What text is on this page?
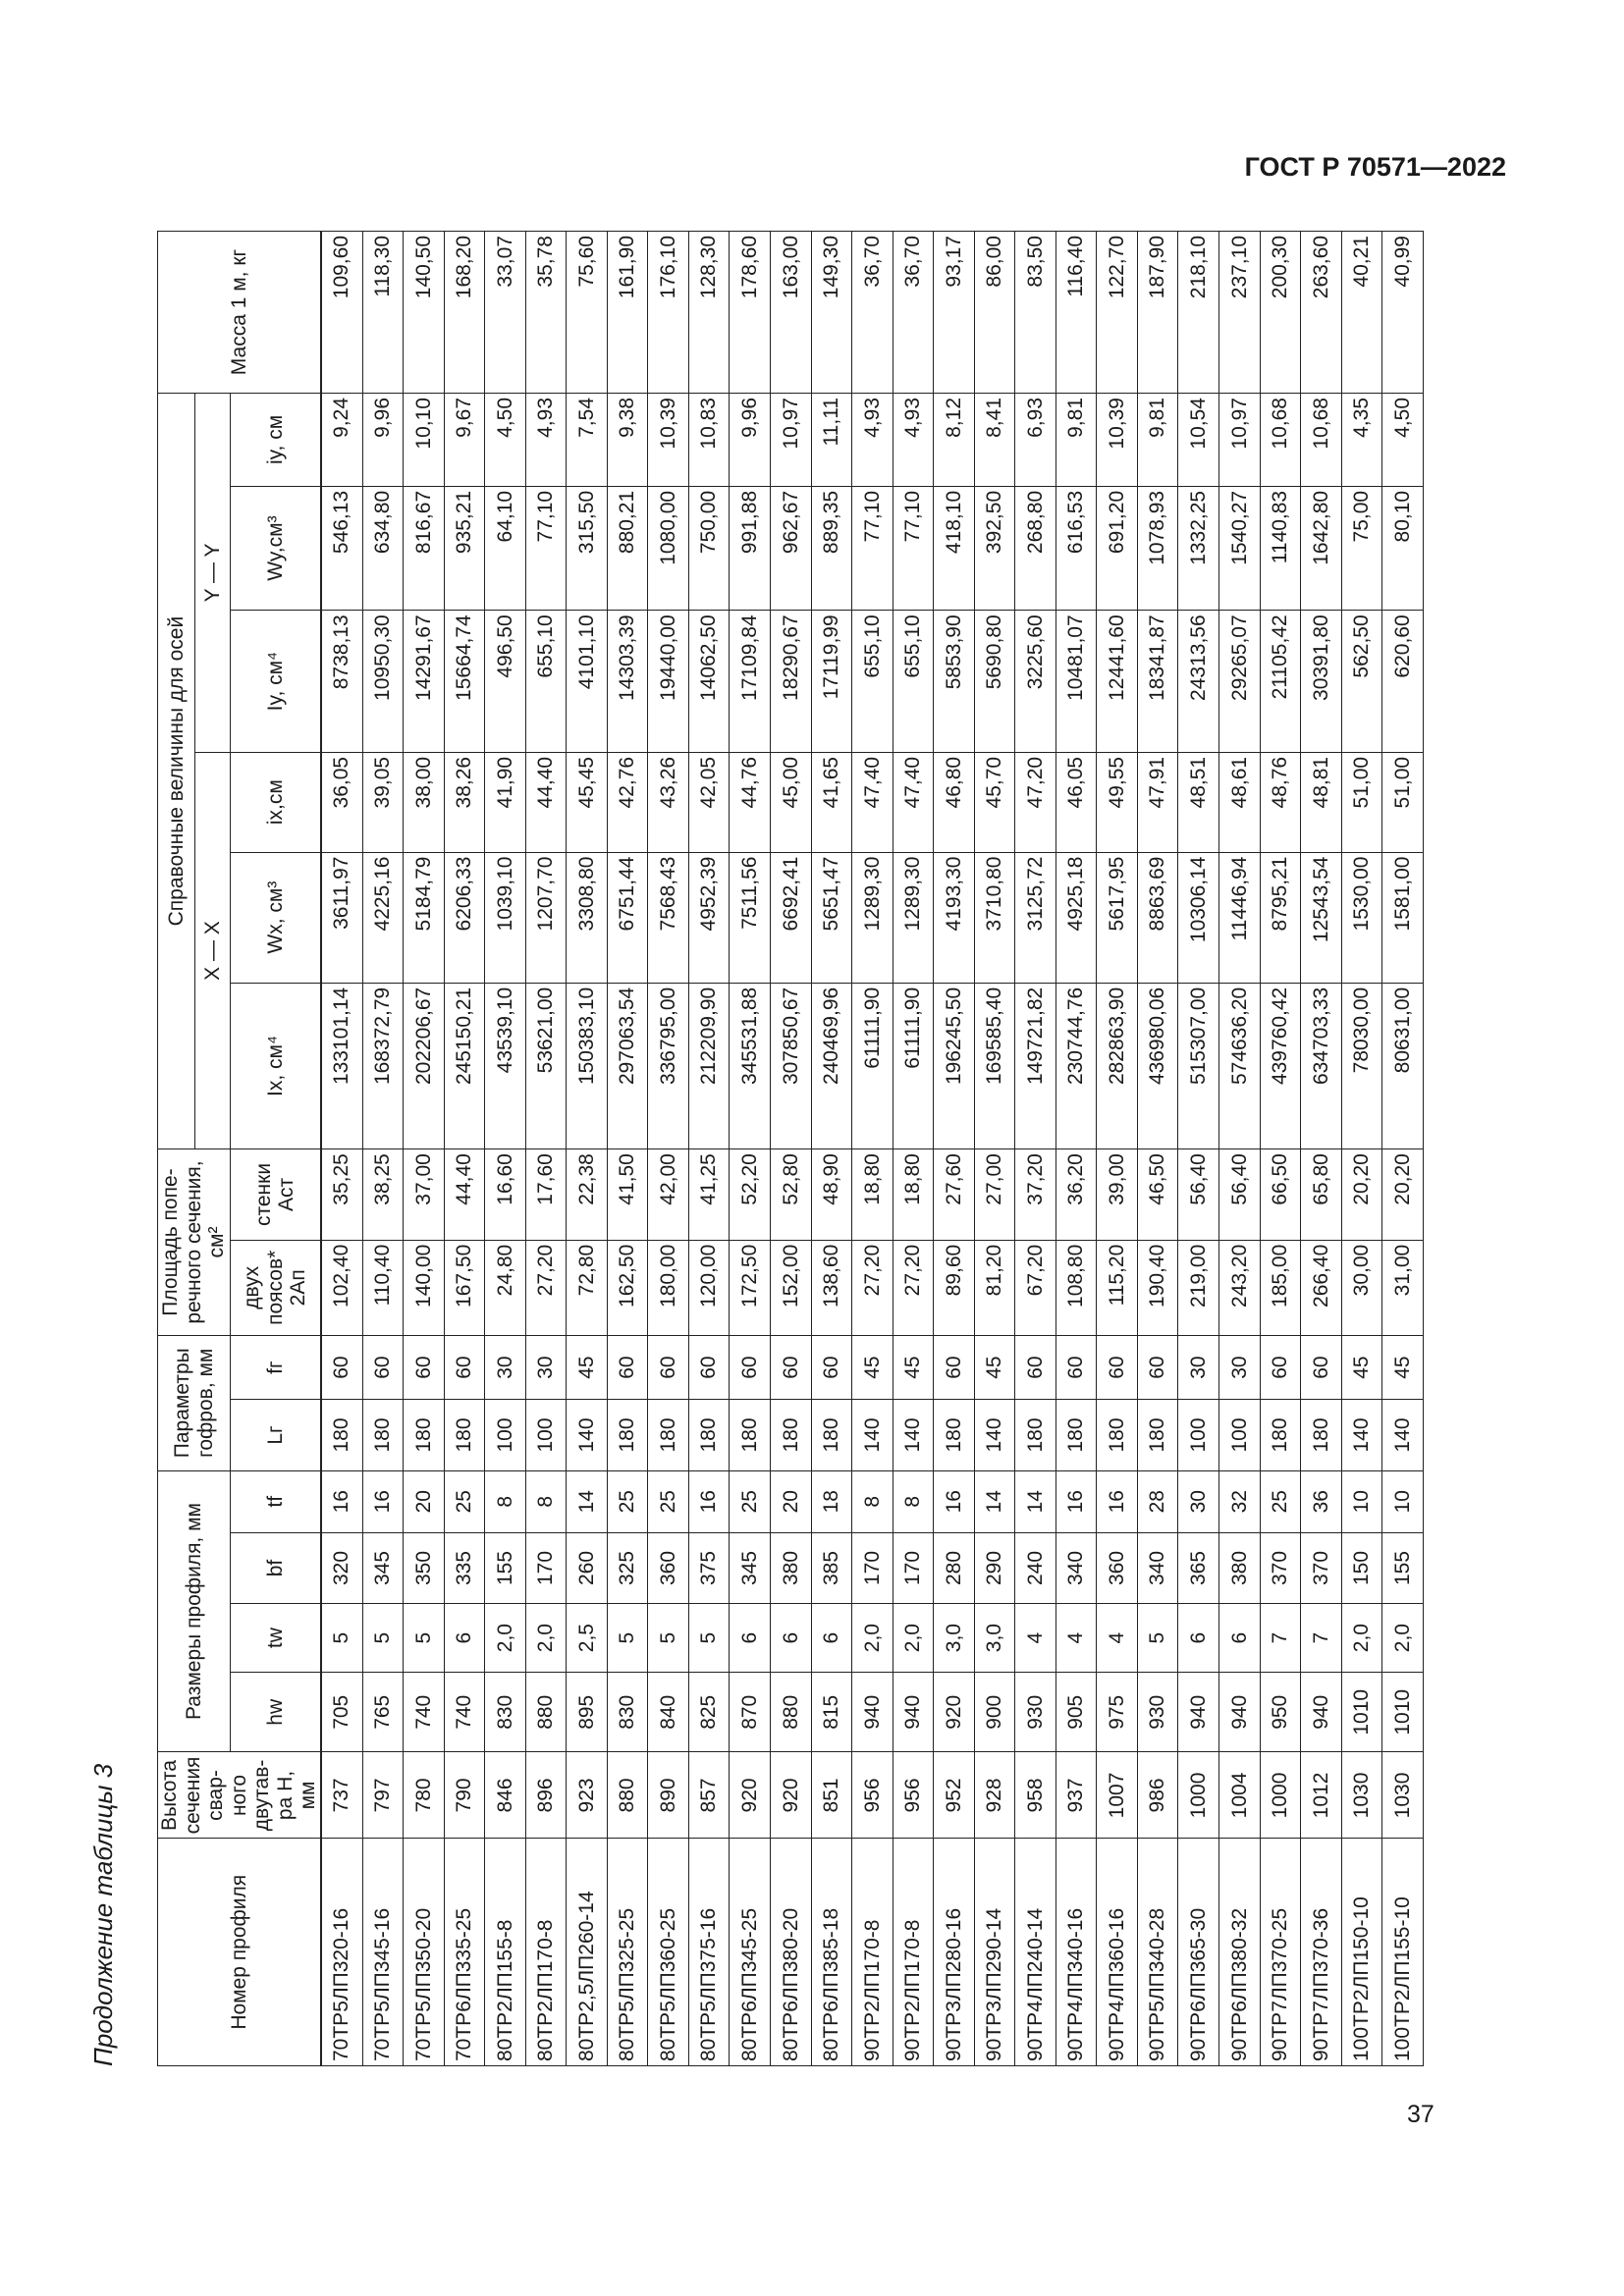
ГОСТ Р 70571—2022
Продолжение таблицы 3
37
Номер профиля	Высота сечения сварного двутавра H, мм	Размеры профиля, мм				Параметры гофров, мм		Площадь поперечного сечения, см²		Справочные величины для осей						Масса 1 м, кг
										X — X			Y — Y			
		hw	tw	bf	tf	Lг	fг	двух поясов* 2Aп	стенки Aст	Ix, см⁴	Wx, см³	ix,см	Iy, см⁴	Wy,см³	iy, см	
70ТР5ЛП320-16	737	705	5	320	16	180	60	102,40	35,25	133101,14	3611,97	36,05	8738,13	546,13	9,24	109,60
70ТР5ЛП345-16	797	765	5	345	16	180	60	110,40	38,25	168372,79	4225,16	39,05	10950,30	634,80	9,96	118,30
70ТР5ЛП350-20	780	740	5	350	20	180	60	140,00	37,00	202206,67	5184,79	38,00	14291,67	816,67	10,10	140,50
70ТР6ЛП335-25	790	740	6	335	25	180	60	167,50	44,40	245150,21	6206,33	38,26	15664,74	935,21	9,67	168,20
80ТР2ЛП155-8	846	830	2,0	155	8	100	30	24,80	16,60	43539,10	1039,10	41,90	496,50	64,10	4,50	33,07
80ТР2ЛП170-8	896	880	2,0	170	8	100	30	27,20	17,60	53621,00	1207,70	44,40	655,10	77,10	4,93	35,78
80ТР2,5ЛП260-14	923	895	2,5	260	14	140	45	72,80	22,38	150383,10	3308,80	45,45	4101,10	315,50	7,54	75,60
80ТР5ЛП325-25	880	830	5	325	25	180	60	162,50	41,50	297063,54	6751,44	42,76	14303,39	880,21	9,38	161,90
80ТР5ЛП360-25	890	840	5	360	25	180	60	180,00	42,00	336795,00	7568,43	43,26	19440,00	1080,00	10,39	176,10
80ТР5ЛП375-16	857	825	5	375	16	180	60	120,00	41,25	212209,90	4952,39	42,05	14062,50	750,00	10,83	128,30
80ТР6ЛП345-25	920	870	6	345	25	180	60	172,50	52,20	345531,88	7511,56	44,76	17109,84	991,88	9,96	178,60
80ТР6ЛП380-20	920	880	6	380	20	180	60	152,00	52,80	307850,67	6692,41	45,00	18290,67	962,67	10,97	163,00
80ТР6ЛП385-18	851	815	6	385	18	180	60	138,60	48,90	240469,96	5651,47	41,65	17119,99	889,35	11,11	149,30
90ТР2ЛП170-8	956	940	2,0	170	8	140	45	27,20	18,80	61111,90	1289,30	47,40	655,10	77,10	4,93	36,70
90ТР2ЛП170-8	956	940	2,0	170	8	140	45	27,20	18,80	61111,90	1289,30	47,40	655,10	77,10	4,93	36,70
90ТР3ЛП280-16	952	920	3,0	280	16	180	60	89,60	27,60	196245,50	4193,30	46,80	5853,90	418,10	8,12	93,17
90ТР3ЛП290-14	928	900	3,0	290	14	140	45	81,20	27,00	169585,40	3710,80	45,70	5690,80	392,50	8,41	86,00
90ТР4ЛП240-14	958	930	4	240	14	180	60	67,20	37,20	149721,82	3125,72	47,20	3225,60	268,80	6,93	83,50
90ТР4ЛП340-16	937	905	4	340	16	180	60	108,80	36,20	230744,76	4925,18	46,05	10481,07	616,53	9,81	116,40
90ТР4ЛП360-16	1007	975	4	360	16	180	60	115,20	39,00	282863,90	5617,95	49,55	12441,60	691,20	10,39	122,70
90ТР5ЛП340-28	986	930	5	340	28	180	60	190,40	46,50	436980,06	8863,69	47,91	18341,87	1078,93	9,81	187,90
90ТР6ЛП365-30	1000	940	6	365	30	100	30	219,00	56,40	515307,00	10306,14	48,51	24313,56	1332,25	10,54	218,10
90ТР6ЛП380-32	1004	940	6	380	32	100	30	243,20	56,40	574636,20	11446,94	48,61	29265,07	1540,27	10,97	237,10
90ТР7ЛП370-25	1000	950	7	370	25	180	60	185,00	66,50	439760,42	8795,21	48,76	21105,42	1140,83	10,68	200,30
90ТР7ЛП370-36	1012	940	7	370	36	180	60	266,40	65,80	634703,33	12543,54	48,81	30391,80	1642,80	10,68	263,60
100ТР2ЛП150-10	1030	1010	2,0	150	10	140	45	30,00	20,20	78030,00	1530,00	51,00	562,50	75,00	4,35	40,21
100ТР2ЛП155-10	1030	1010	2,0	155	10	140	45	31,00	20,20	80631,00	1581,00	51,00	620,60	80,10	4,50	40,99
